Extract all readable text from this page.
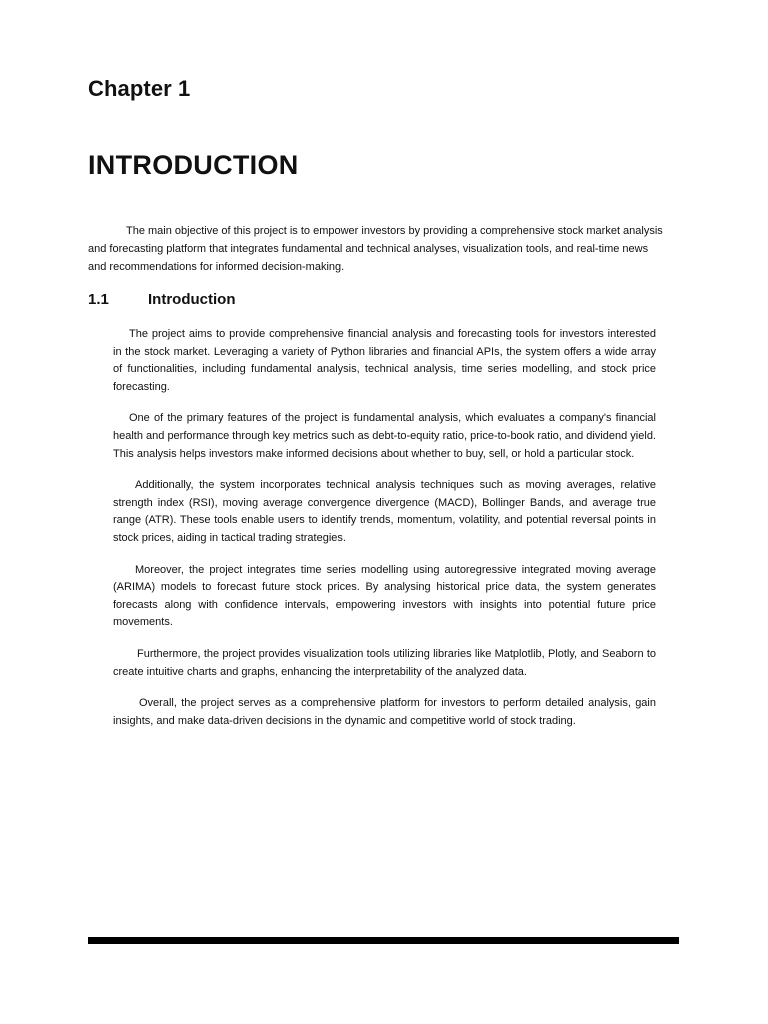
Chapter 1
INTRODUCTION

The main objective of this project is to empower investors by providing a comprehensive stock market analysis and forecasting platform that integrates fundamental and technical analyses, visualization tools, and real-time news and recommendations for informed decision-making.

1.1	Introduction

The project aims to provide comprehensive financial analysis and forecasting tools for investors interested in the stock market. Leveraging a variety of Python libraries and financial APIs, the system offers a wide array of functionalities, including fundamental analysis, technical analysis, time series modelling, and stock price forecasting.

One of the primary features of the project is fundamental analysis, which evaluates a company's financial health and performance through key metrics such as debt-to-equity ratio, price-to-book ratio, and dividend yield. This analysis helps investors make informed decisions about whether to buy, sell, or hold a particular stock.

Additionally, the system incorporates technical analysis techniques such as moving averages, relative strength index (RSI), moving average convergence divergence (MACD), Bollinger Bands, and average true range (ATR). These tools enable users to identify trends, momentum, volatility, and potential reversal points in stock prices, aiding in tactical trading strategies.

Moreover, the project integrates time series modelling using autoregressive integrated moving average (ARIMA) models to forecast future stock prices. By analysing historical price data, the system generates forecasts along with confidence intervals, empowering investors with insights into potential future price movements.

Furthermore, the project provides visualization tools utilizing libraries like Matplotlib, Plotly, and Seaborn to create intuitive charts and graphs, enhancing the interpretability of the analyzed data.

Overall, the project serves as a comprehensive platform for investors to perform detailed analysis, gain insights, and make data-driven decisions in the dynamic and competitive world of stock trading.
